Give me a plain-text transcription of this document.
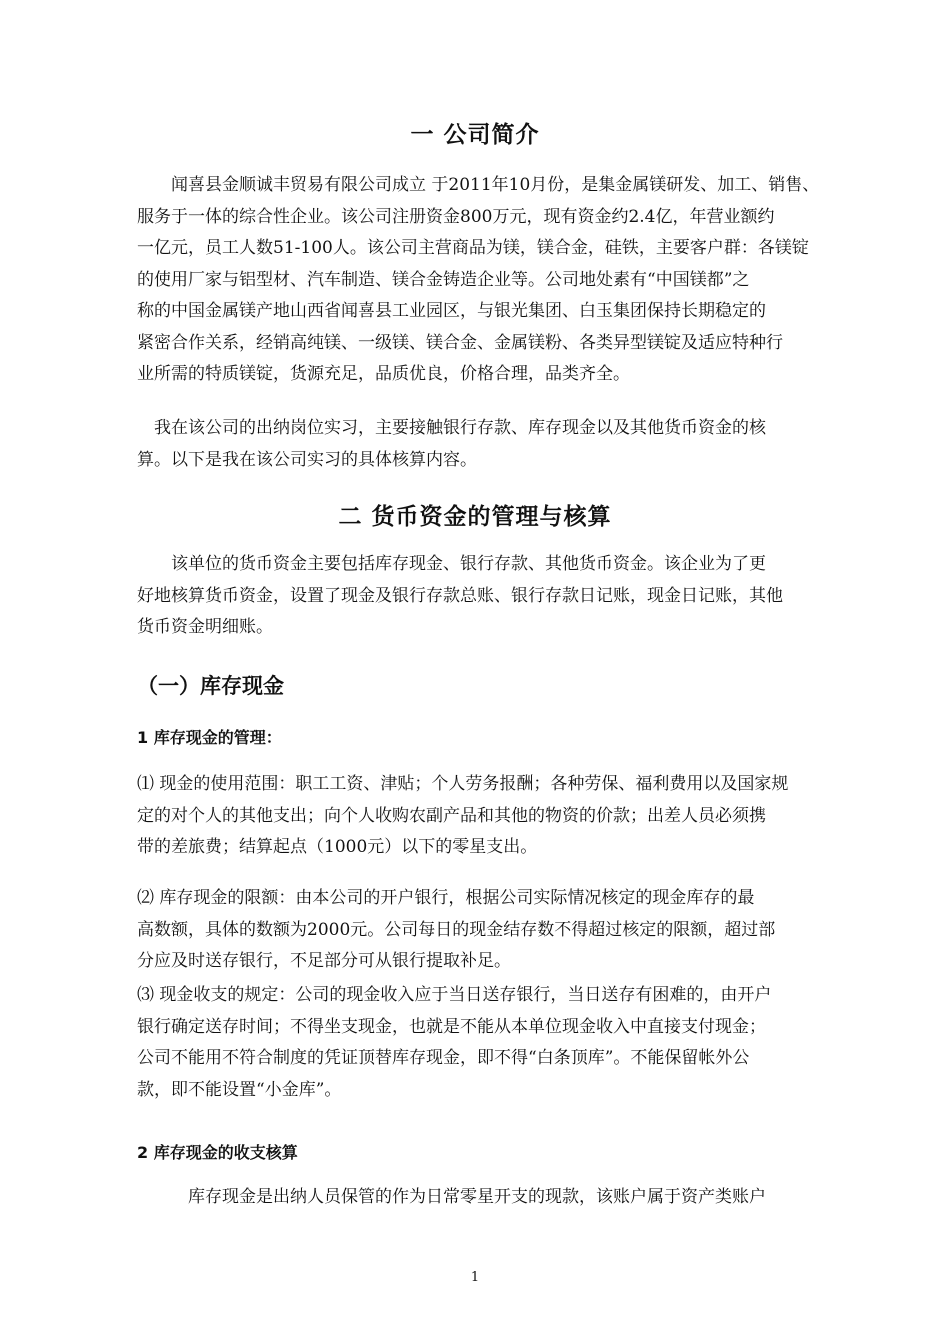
一 公司简介
　　闻喜县金顺诚丰贸易有限公司成立 于2011年10月份，是集金属镁研发、加工、销售、
服务于一体的综合性企业。该公司注册资金800万元，现有资金约2.4亿，年营业额约
一亿元，员工人数51-100人。该公司主营商品为镁，镁合金，硅铁，主要客户群：各镁锭
的使用厂家与铝型材、汽车制造、镁合金铸造企业等。公司地处素有“中国镁都”之
称的中国金属镁产地山西省闻喜县工业园区，与银光集团、白玉集团保持长期稳定的
紧密合作关系，经销高纯镁、一级镁、镁合金、金属镁粉、各类异型镁锭及适应特种行
业所需的特质镁锭，货源充足，品质优良，价格合理，品类齐全。
　我在该公司的出纳岗位实习，主要接触银行存款、库存现金以及其他货币资金的核
算。以下是我在该公司实习的具体核算内容。
二 货币资金的管理与核算
　　该单位的货币资金主要包括库存现金、银行存款、其他货币资金。该企业为了更
好地核算货币资金，设置了现金及银行存款总账、银行存款日记账，现金日记账，其他
货币资金明细账。
（一）库存现金
1 库存现金的管理：
⑴ 现金的使用范围：职工工资、津贴；个人劳务报酬；各种劳保、福利费用以及国家规
定的对个人的其他支出；向个人收购农副产品和其他的物资的价款；出差人员必须携
带的差旅费；结算起点（1000元）以下的零星支出。
⑵ 库存现金的限额：由本公司的开户银行，根据公司实际情况核定的现金库存的最
高数额，具体的数额为2000元。公司每日的现金结存数不得超过核定的限额，超过部
分应及时送存银行，不足部分可从银行提取补足。
⑶ 现金收支的规定：公司的现金收入应于当日送存银行，当日送存有困难的，由开户
银行确定送存时间；不得坐支现金，也就是不能从本单位现金收入中直接支付现金；
公司不能用不符合制度的凭证顶替库存现金，即不得“白条顶库”。不能保留帐外公
款，即不能设置“小金库”。
2 库存现金的收支核算
　　　库存现金是出纳人员保管的作为日常零星开支的现款，该账户属于资产类账户
1
